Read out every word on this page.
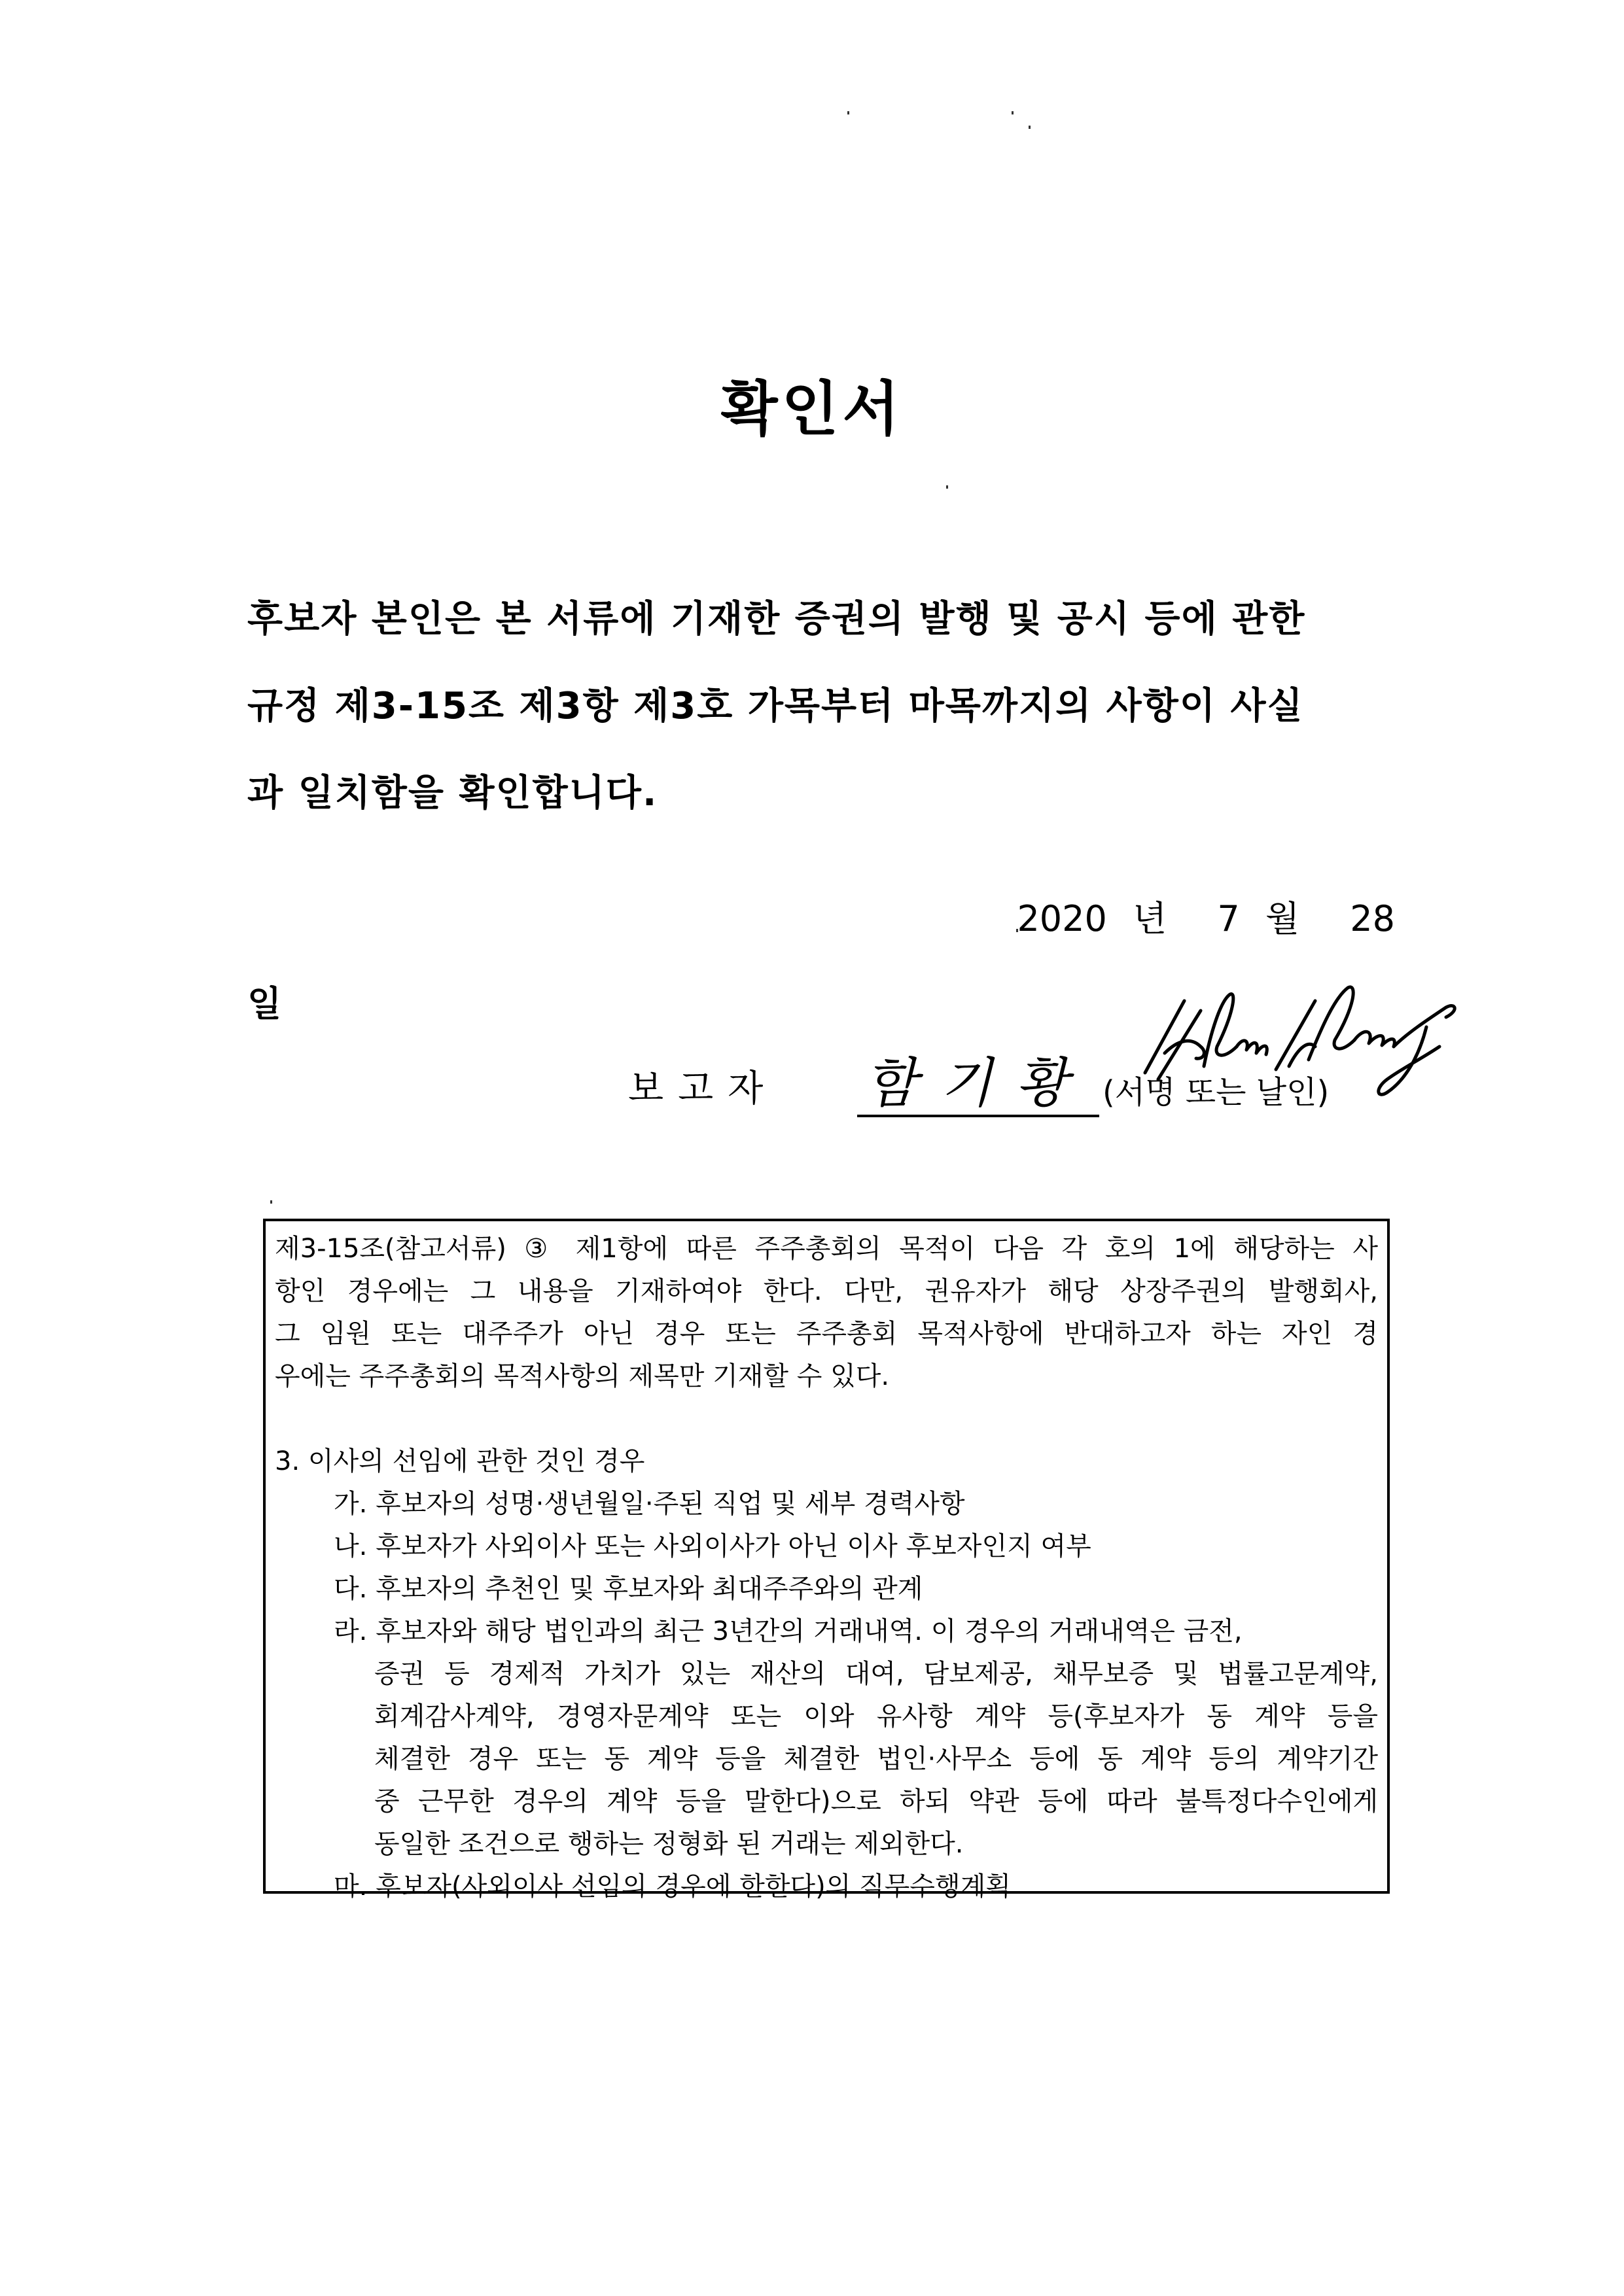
확인서
후보자 본인은 본 서류에 기재한 증권의 발행 및 공시 등에 관한
규정 제3-15조 제3항 제3호 가목부터 마목까지의 사항이 사실
과 일치함을 확인합니다.
2020 년 7 월 28
일
보고자 함기황 (서명 또는 날인)
제3-15조(참고서류) ③ 제1항에 따른 주주총회의 목적이 다음 각 호의 1에 해당하는 사
항인 경우에는 그 내용을 기재하여야 한다. 다만, 권유자가 해당 상장주권의 발행회사,
그 임원 또는 대주주가 아닌 경우 또는 주주총회 목적사항에 반대하고자 하는 자인 경
우에는 주주총회의 목적사항의 제목만 기재할 수 있다.
3. 이사의 선임에 관한 것인 경우
가. 후보자의 성명·생년월일·주된 직업 및 세부 경력사항
나. 후보자가 사외이사 또는 사외이사가 아닌 이사 후보자인지 여부
다. 후보자의 추천인 및 후보자와 최대주주와의 관계
라. 후보자와 해당 법인과의 최근 3년간의 거래내역. 이 경우의 거래내역은 금전,
증권 등 경제적 가치가 있는 재산의 대여, 담보제공, 채무보증 및 법률고문계약,
회계감사계약, 경영자문계약 또는 이와 유사항 계약 등(후보자가 동 계약 등을
체결한 경우 또는 동 계약 등을 체결한 법인·사무소 등에 동 계약 등의 계약기간
중 근무한 경우의 계약 등을 말한다)으로 하되 약관 등에 따라 불특정다수인에게
동일한 조건으로 행하는 정형화 된 거래는 제외한다.
마. 후보자(사외이사 선임의 경우에 한한다)의 직무수행계획
